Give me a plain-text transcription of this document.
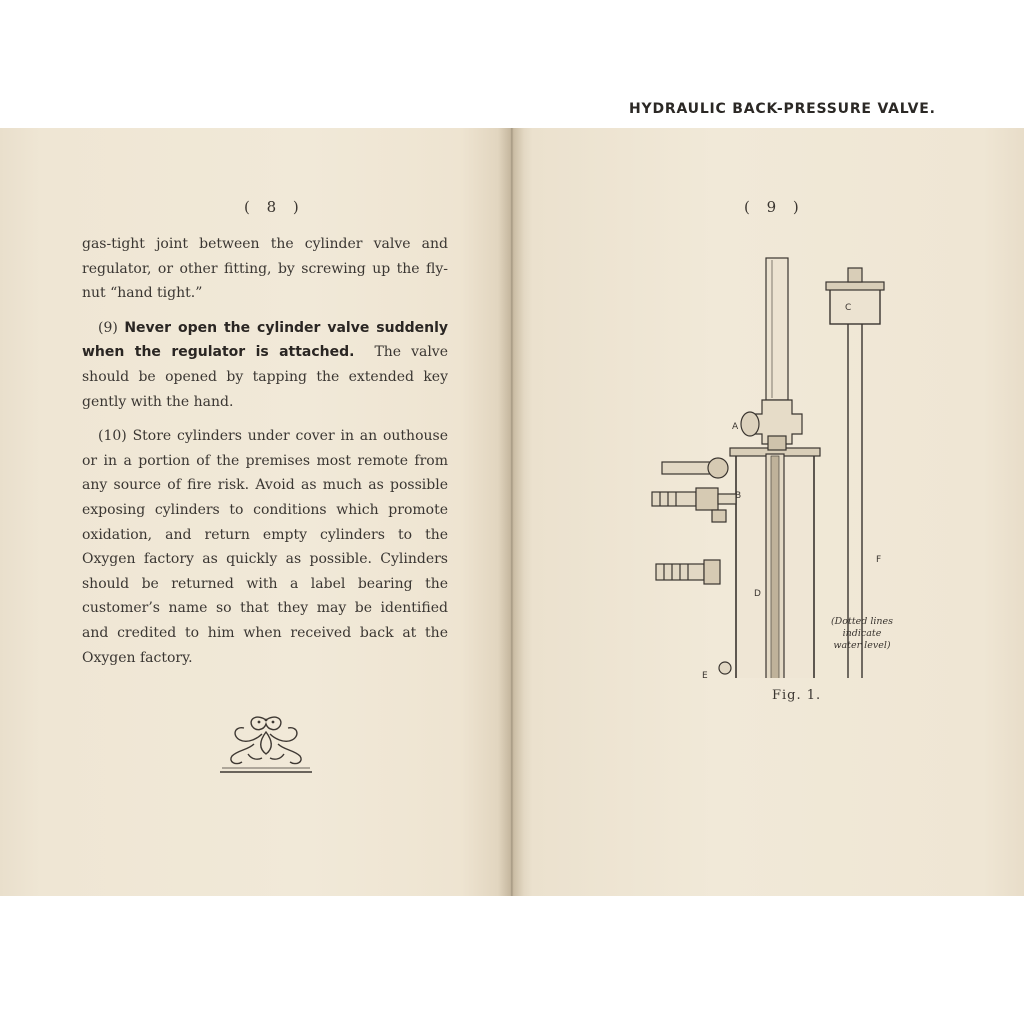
( 8 )

gas-tight joint between the cylinder valve and regulator, or other fitting, by screwing up the fly-nut “hand tight.”

(9) Never open the cylinder valve suddenly when the regulator is attached. The valve should be opened by tapping the extended key gently with the hand.

(10) Store cylinders under cover in an outhouse or in a portion of the premises most remote from any source of fire risk. Avoid as much as possible exposing cylinders to conditions which promote oxidation, and return empty cylinders to the Oxygen factory as quickly as possible. Cylinders should be returned with a label bearing the customer’s name so that they may be identified and credited to him when received back at the Oxygen factory.

( 9 )
HYDRAULIC BACK-PRESSURE VALVE.
A
B
C
D
E
F
(Dotted lines
indicate
water level)
Fig. 1.
